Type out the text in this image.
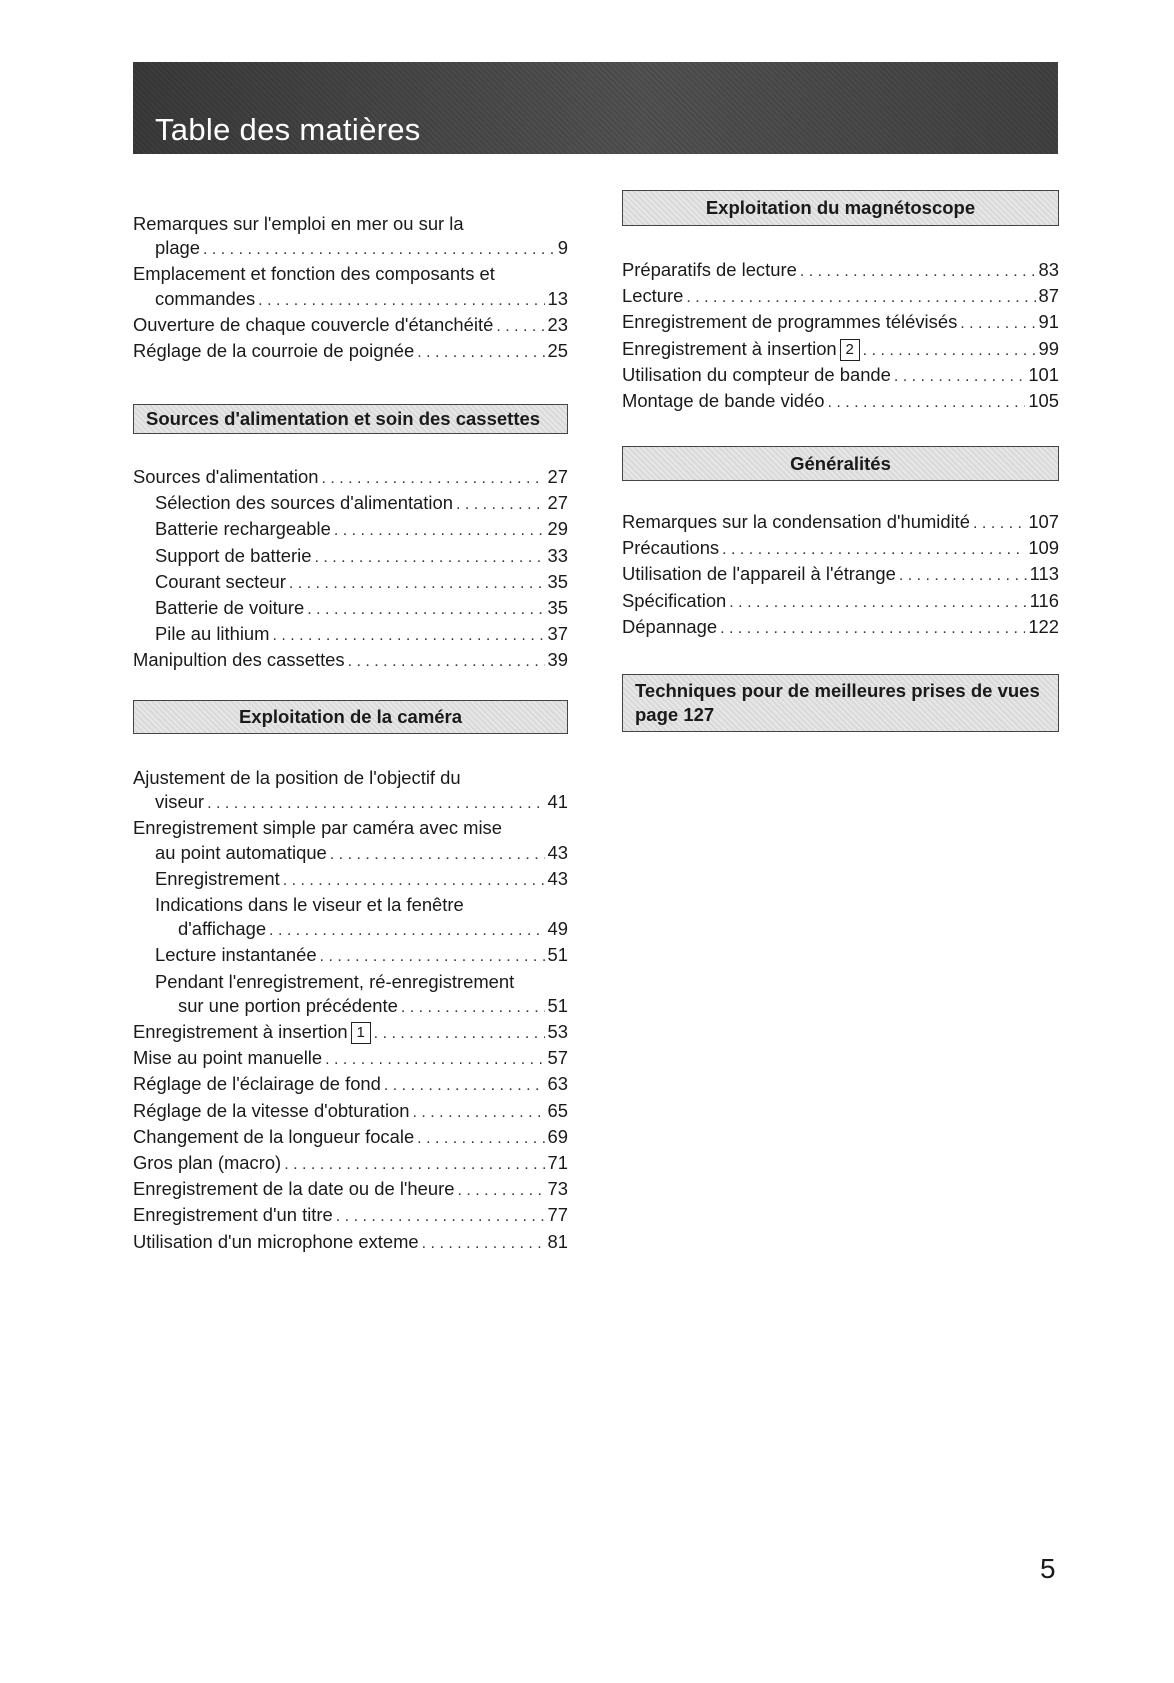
Table des matières
Remarques sur l'emploi en mer ou sur la
plage . . .	9
Emplacement et fonction des composants et
commandes . . .	13
Ouverture de chaque couvercle d'étanchéité . . .	23
Réglage de la courroie de poignée . . .	25
Sources d'alimentation et soin des cassettes
Sources d'alimentation . . .	27
Sélection des sources d'alimentation . . .	27
Batterie rechargeable . . .	29
Support de batterie . . .	33
Courant secteur . . .	35
Batterie de voiture . . .	35
Pile au lithium . . .	37
Manipultion des cassettes . . .	39
Exploitation de la caméra
Ajustement de la position de l'objectif du
viseur . . .	41
Enregistrement simple par caméra avec mise
au point automatique . . .	43
Enregistrement . . .	43
Indications dans le viseur et la fenêtre
d'affichage . . .	49
Lecture instantanée . . .	51
Pendant l'enregistrement, ré-enregistrement
sur une portion précédente . . .	51
Enregistrement à insertion 1 . . .	53
Mise au point manuelle . . .	57
Réglage de l'éclairage de fond . . .	63
Réglage de la vitesse d'obturation . . .	65
Changement de la longueur focale . . .	69
Gros plan (macro) . . .	71
Enregistrement de la date ou de l'heure . . .	73
Enregistrement d'un titre . . .	77
Utilisation d'un microphone exteme . . .	81
Exploitation du magnétoscope
Préparatifs de lecture . . .	83
Lecture . . .	87
Enregistrement de programmes télévisés . . .	91
Enregistrement à insertion 2 . . .	99
Utilisation du compteur de bande . . .	101
Montage de bande vidéo . . .	105
Généralités
Remarques sur la condensation d'humidité . . .	107
Précautions . . .	109
Utilisation de l'appareil à l'étrange . . .	113
Spécification . . .	116
Dépannage . . .	122
Techniques pour de meilleures prises de vues
page 127
5
